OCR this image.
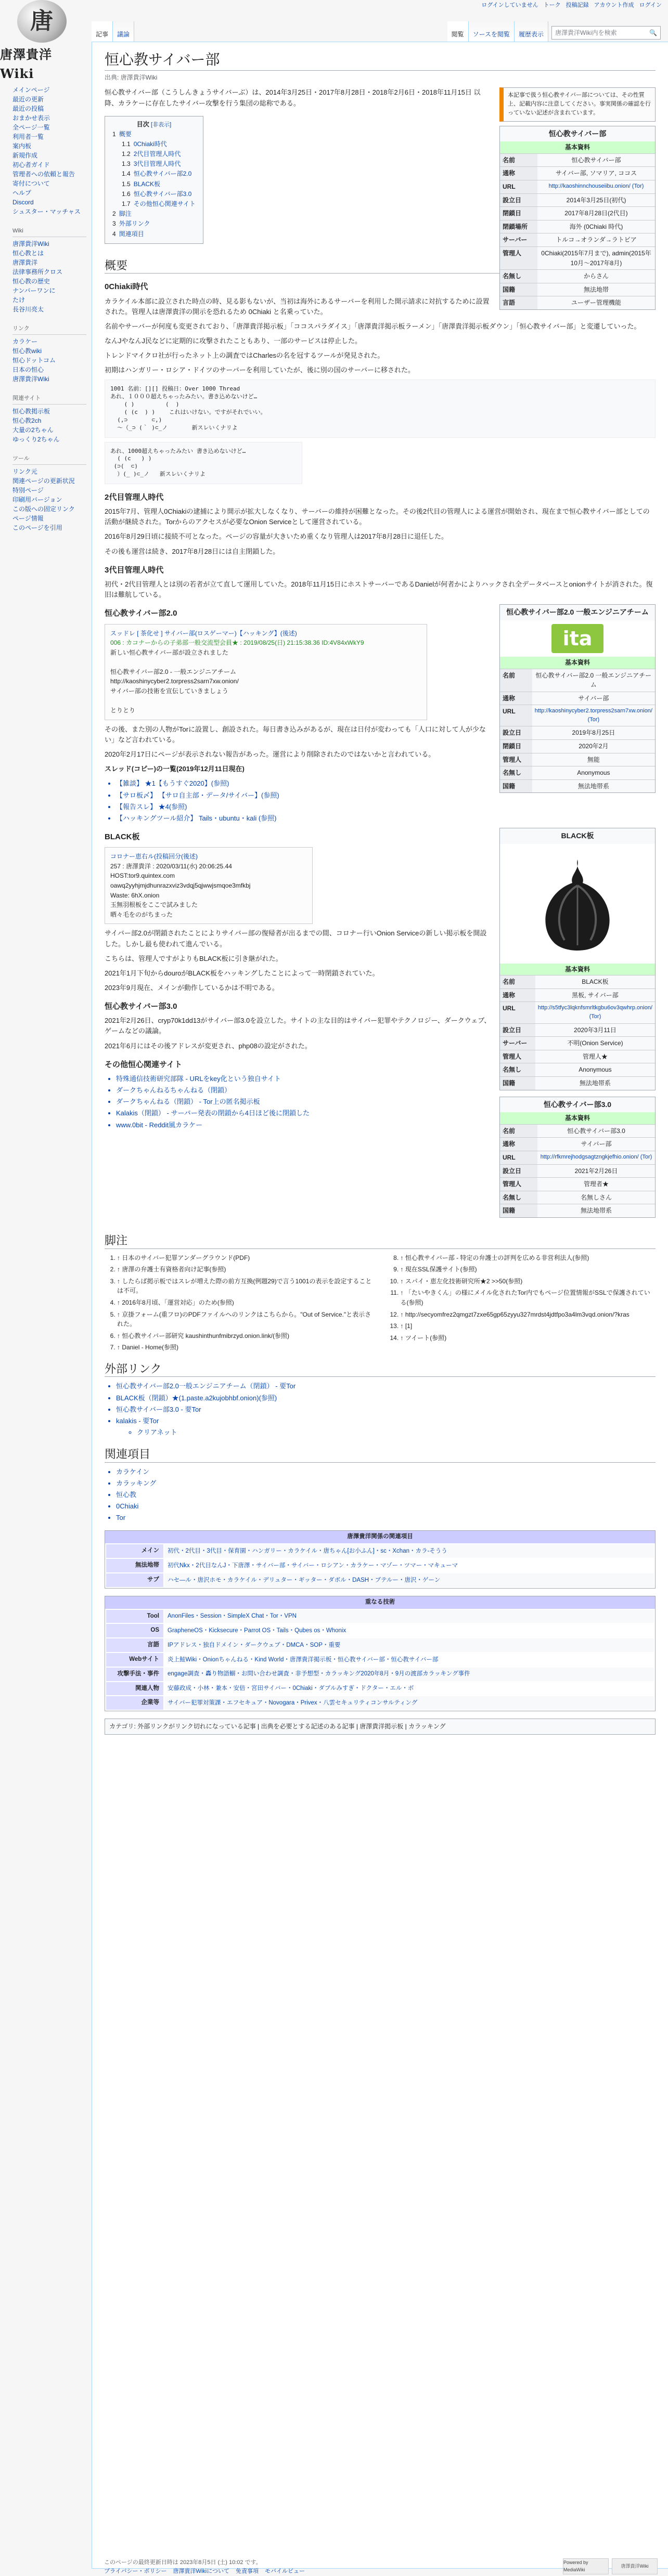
ログインしていません トーク 投稿記録 アカウント作成 ログイン
唐
唐澤貴洋Wiki
記事	議論	閲覧	ソースを閲覧	履歴表示	唐澤貴洋Wiki内を検索	🔍
メインページ
最近の更新
最近の投稿
おまかせ表示
全ページ一覧
利用者一覧
案内板
新規作成
初心者ガイド
管理者への依頼と報告
寄付について
ヘルプ
Discord
シュスター・マッチャス
Wiki
唐澤貴洋Wiki
恒心教とは
唐澤貴洋
法律事務所クロス
恒心教の歴史
ナンバーワンに
たけ
長谷川亮太
リンク
カラケー
恒心教wiki
恒心ドットコム
日本の恒心
唐澤貴洋Wiki
関連サイト
恒心教掲示板
恒心教2ch
大量の2ちゃん
ゆっくり2ちゃん
ツール
リンク元
関連ページの更新状況
特別ページ
印刷用バージョン
この版への固定リンク
ページ情報
このページを引用
恒心教サイバー部
出典: 唐澤貴洋Wiki
本記事で扱う恒心教サイバー部については、その性質上、記載内容に注意してください。事実関係の確認を行っていない記述が含まれています。
恒心教サイバー部
基本資料
名前	恒心教サイバー部
通称	サイバー部, ソマリア, ココス
URL	http://kaoshinnchouseiibu.onion/ (Tor)
設立日	2014年3月25日(初代)
閉鎖日	2017年8月28日(2代目)
閉鎖場所	海外 (0Chiaki 時代)
サーバー	トルコ→オランダ→ラトビア
管理人	0Chiaki(2015年7月まで), admin(2015年10月〜2017年8月)
名無し	からさん
国籍	無法地帯
言語	ユーザー管理機能

恒心教サイバー部（こうしんきょうサイバーぶ）は、2014年3月25日・2017年8月28日・2018年2月6日・2018年11月15日 以降、カラケーに存在したサイバー攻撃を行う集団の総称である。

目次 [非表示]
1 概要
1.1 0Chiaki時代
1.2 2代目管理人時代
1.3 3代目管理人時代
1.4 恒心教サイバー部2.0
1.5 BLACK板
1.6 恒心教サイバー部3.0
1.7 その他恒心関連サイト
2 脚注
3 外部リンク
4 関連項目
概要
0Chiaki時代

カラケイル本部に設立された時点の時、見る影もないが、当初は海外にあるサーバーを利用した開示請求に対抗するために設置された。管理人は唐澤貴洋の開示を恐れるため 0Chiaki と名乗っていた。

名前やサーバーが何度も変更されており、「唐澤貴洋掲示板」「ココスパラダイス」「唐澤貴洋掲示板ラーメン」「唐澤貴洋掲示板ダウン」「恒心教サイバー部」と変遷していった。

なんJやなんJ民などに定期的に攻撃されたこともあり、一部のサービスは停止した。

トレンドマイクロ社が行ったネット上の調査ではCharlesの名を冠するツールが発見された。

初期はハンガリー・ロシア・ドイツのサーバーを利用していたが、後に別の国のサーバーに移された。

1001 名前：[][] 投稿日：Over 1000 Thread
あれ、１０００超えちゃったみたい。書き込めないけど…
( )         (  )
( (c  ) )    これはいけない。ですがそれでいい。
(,⊃       ⊂,)
～（_⊃ (｀ )⊂_ノ       新スレいくナリよ
あれ、1000超えちゃったみたい 書き込めないけど…
( (c   ) )
(⊃(  ⊂)
）(_ )⊂_ノ   新スレいくナリよ
2代目管理人時代

2015年7月、管理人0Chiakiの逮捕により開示が拡大しなくなり、サーバーの維持が困難となった。その後2代目の管理人による運営が開始され、現在まで恒心教サイバー部としての活動が継続された。Torからのアクセスが必要なOnion Serviceとして運営されている。

2016年8月29日頃に接続不可となった。ページの容量が大きいため重くなり管理人は2017年8月28日に退任した。

その後も運営は続き、2017年8月28日には自主閉鎖した。

3代目管理人時代

初代・2代目管理人とは別の若者が立て直して運用していた。2018年11月15日にホストサーバーであるDanielが何者かによりハックされ全データベースとonionサイトが消された。復旧は難航している。

恒心教サイバー部2.0 一般エンジニアチーム
ita
基本資料
名前	恒心教サイバー部2.0 一般エンジニアチーム
通称	サイバー部
URL	http://kaoshinycyber2.torpress2sarn7xw.onion/ (Tor)
設立日	2019年8月25日
閉鎖日	2020年2月
管理人	無能
名無し	Anonymous
国籍	無法地帯系
恒心教サイバー部2.0
スッドレ [ 茶化せ ] サイバー部(ロスゲーマー)【ハッキング】(後述)
006 : カコナーからの子弟部一般交流型会員★ : 2019/08/25(日) 21:15:38.36 ID:4V84xWkY9
新しい恒心教サイバー部が設立されました

恒心教サイバー部2.0 - 一般エンジニアチーム
http://kaoshinycyber2.torpress2sarn7xw.onion/
サイバー部の技術を宣伝していきましょう

とりとり

その後、また別の人物がTorに設置し、創設された。毎日書き込みがあるが、現在は日付が変わっても「人口に対して人が少ない」など言われている。

2020年2月17日にページが表示されない報告があった。運営により削除されたのではないかと言われている。

スレッド(コピー)の一覧(2019年12月11日現在)

• 【雑談】 ★1【もうすぐ2020】(参照)
• 【サロ板〆】 【サロ自主部・データ/サイバー】(参照)
• 【報告スレ】 ★4(参照)
• 【ハッキングツール紹介】 Tails・ubuntu・kali (参照)
BLACK板
基本資料
名前	BLACK板
通称	黒板, サイバー部
URL	http://s5tfyc3lqknfsmrltkgbu6ov3qwhrp.onion/ (Tor)
設立日	2020年3月11日
サーバー	不明(Onion Service)
管理人	管理人★
名無し	Anonymous
国籍	無法地帯系
BLACK板
コロナー恵右ル(投稿回分(後述)
257 : 唐澤貴洋 : 2020/03/11(水) 20:06:25.44
HOST:tor9.quintex.com
oawq2yyhjmjdhunrazxviz3vdqj5qjwwjsmqoe3mfkbj
Waste: 6hX.onion
玉無羽根板をここで試みました
晒々毛をのがちまった

サイバー部2.0が閉鎖されたことによりサイバー部の復帰者が出るまでの間、コロナー行いOnion Serviceの新しい掲示板を開設した。しかし最も使われて進んでいる。

こちらは、管理人ですがよりもBLACK板に引き継がれた。

2021年1月下旬からdouroがBLACK板をハッキングしたことによって一時閉鎖されていた。

2023年9月現在、メインが動作しているかは不明である。

恒心教サイバー部3.0
基本資料
名前	恒心教サイバー部3.0
通称	サイバー部
URL	http://rfkmrejhodgsagtzngkjefhio.onion/ (Tor)
設立日	2021年2月26日
管理人	管理者★
名無し	名無しさん
国籍	無法地帯系
恒心教サイバー部3.0

2021年2月26日、cryp70k1dd13がサイバー部3.0を設立した。サイトの主な目的はサイバー犯罪やテクノロジー、ダークウェブ、ゲームなどの議論。

2021年6月にはその後アドレスが変更され、php08の設定がされた。

その他恒心関連サイト
• 特殊通信技術研究部隊 - URLをkey化という独自サイト
• ダークちゃんねるちゃんねる（閉鎖）
• ダークちゃんねる（閉鎖） - Tor上の匿名掲示板
• Kalakis（閉鎖） - サーバー発表の閉鎖から4日ほど後に閉鎖した
• www.0bit - Reddit風カラケー
脚注
1. ↑ 日本のサイバー犯罪アンダーグラウンド(PDF)
2. ↑ 唐澤の弁護士有資格者向け記事(参照)
3. ↑ したらば掲示板ではスレが増えた際の前方互換(例題29)で言う1001の表示を設定することは不可。
4. ↑ 2016年8月頃、「運営対応」のため(参照)
5. ↑ 京掛フォーム(重フロ)のPDFファイルへのリンクはこちらから。"Out of Service."と表示された。
6. ↑ 恒心教サイバー部研究 kaushinthunfmibrzyd.onion.link/(参照)
7. ↑ Daniel - Home(参照)
8. ↑ 恒心教サイバー部 - 特定の弁護士の評判を広める非営利法人(参照)
9. ↑ 現在SSL保護サイト(参照)
10. ↑ スパイ・恵左化技術研究所★2 >>50(参照)
11. ↑ 「たいやきくん」の様にメイル化されたTor内でもページ位置情報がSSLで保護されている(参照)
12. ↑ http://secyomfrez2qmgzt7zxe65gp65zyyu327mrdst4jdtfpo3a4lm3vqd.onion/?kras
13. ↑ [1]
14. ↑ ツイート(参照)
外部リンク
• 恒心教サイバー部2.0一般エンジニアチーム（閉鎖） - 要Tor
• BLACK板（閉鎖）★(1.paste.a2kujobhbf.onion)(参照)
• 恒心教サイバー部3.0 - 要Tor
• kalakis - 要Tor
◦ クリアネット
関連項目
• カラケイン
• カラッキング
• 恒心教
• 0Chiaki
• Tor
唐澤貴洋関係の関連項目
メイン	初代・2代目・3代目・保育園・ハンガリー・カラケイル・唐ちゃん[お小ふん]・sc・Xchan・カラ-そうう
無法地帯	初代Nkx・2代目なんJ・下唐澤・サイバー部・サイバー・ロシアン・カラケー・マゾー・ツマー・マキューマ
サブ	ハセ―ル・唐沢ホモ・カラケイル・デリュター・ギッター・ダボル・DASH・ブテルー・唐沢・ゲーン
重なる技術
Tool	AnonFiles・Session・SimpleX Chat・Tor・VPN
OS	GrapheneOS・Kicksecure・Parrot OS・Tails・Qubes os・Whonix
言語	IPアドレス・独自ドメイン・ダークウェブ・DMCA・SOP・重要
Webサイト	炎上鮭Wiki・Onionちゃんねる・Kind World・唐澤貴洋掲示板・恒心教サイバー部・恒心教サイバー部
攻撃手法・事件	engage調査・轟り物語鰯・お問い合わせ調査・非予想型・カラッキング2020年8月・9月の渡部カラッキング事件
関連人物	安藤政成・小林・兼本・安倍・宮田サイバー・0Chiaki・ダブルみすぎ・ドクター・エル・ボ
企業等	サイバー犯罪対策課・エフセキュア・Novogara・Privex・八雲セキュリティコンサルティング
カテゴリ: 外部リンクがリンク切れになっている記事 | 出典を必要とする記述のある記事 | 唐澤貴洋掲示板 | カラッキング
このページの最終更新日時は 2023年8月5日 (土) 10:02 です。
プライバシー・ポリシー 唐澤貴洋Wikiについて 免責事項 モバイルビュー
Powered by MediaWiki
唐澤貴洋Wiki
